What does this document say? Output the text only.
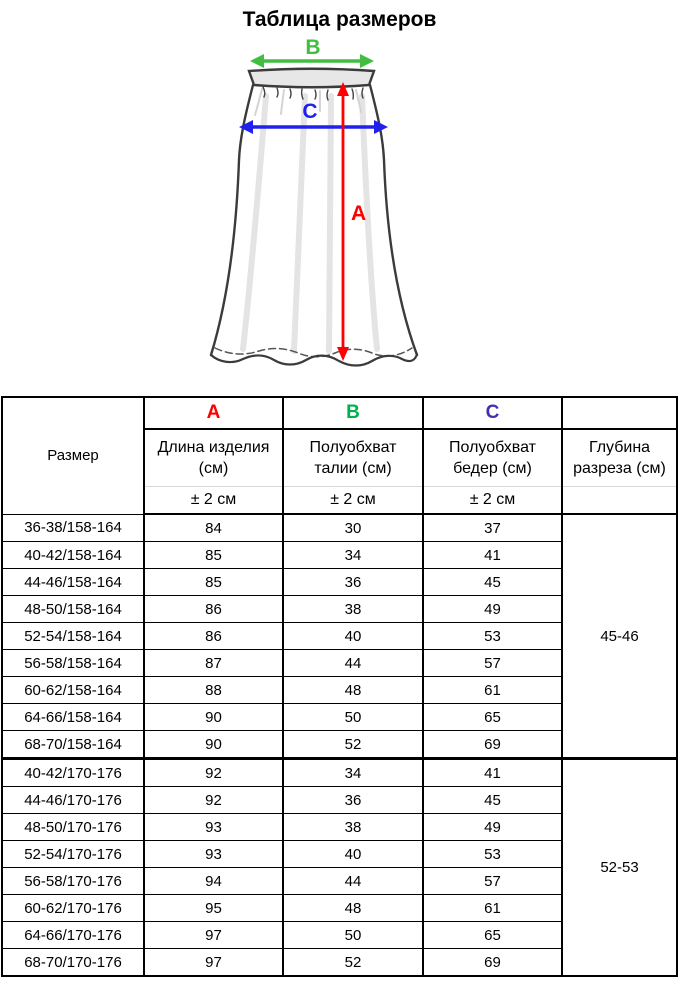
Таблица размеров
B
C
A
Размер	A	B	C	
	Длина изделия (см)	Полуобхват талии (см)	Полуобхват бедер (см)	Глубина разреза (см)
	± 2 см	± 2 см	± 2 см	
36-38/158-164	84	30	37	45-46
40-42/158-164	85	34	41	
44-46/158-164	85	36	45	
48-50/158-164	86	38	49	
52-54/158-164	86	40	53	
56-58/158-164	87	44	57	
60-62/158-164	88	48	61	
64-66/158-164	90	50	65	
68-70/158-164	90	52	69	
40-42/170-176	92	34	41	52-53
44-46/170-176	92	36	45	
48-50/170-176	93	38	49	
52-54/170-176	93	40	53	
56-58/170-176	94	44	57	
60-62/170-176	95	48	61	
64-66/170-176	97	50	65	
68-70/170-176	97	52	69	
